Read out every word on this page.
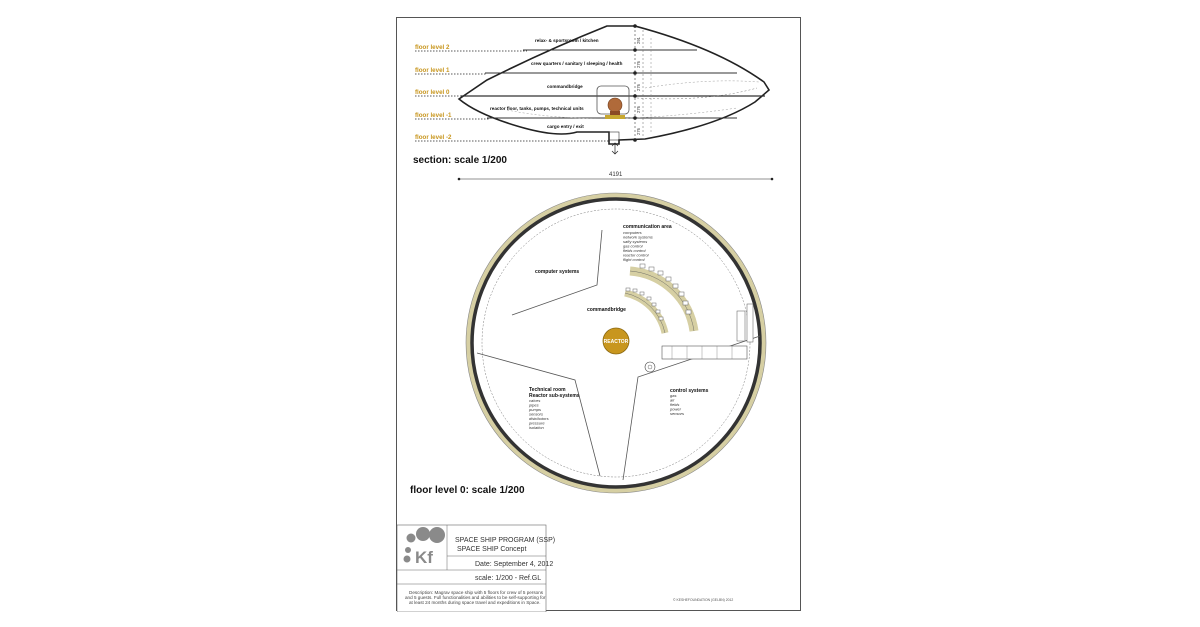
291
276
276
276
276
relax- & sportsroom / kitchen
crew quarters / sanitary / sleeping / health
commandbridge
reactor floor, tanks, pumps, technical units
cargo entry / exit
floor level 2
floor level 1
floor level 0
floor level -1
floor level -2
section: scale 1/200
4191
REACTOR
computer systems
commandbridge
communication area
computers
network systems
safty systems
gas control
fields control
reactor control
flight control
Technical room
Reactor sub-systems
valves
pipes
pumps
sensors
distributors
pressure
isolation
control systems
gas
air
fields
power
sensors
floor level 0: scale 1/200
Kf
SPACE SHIP PROGRAM (SSP)
SPACE SHIP Concept
Date: September 4, 2012
scale: 1/200 - Ref.GL
Description: Magrav space ship with 5 floors for crew of 5 persons
and 5 guests. Full functionalities and abilities to be self-supporting for
at least 24 months during space travel and expeditions in Space.	© KESHEFOUNDATION (GELBN) 2012
